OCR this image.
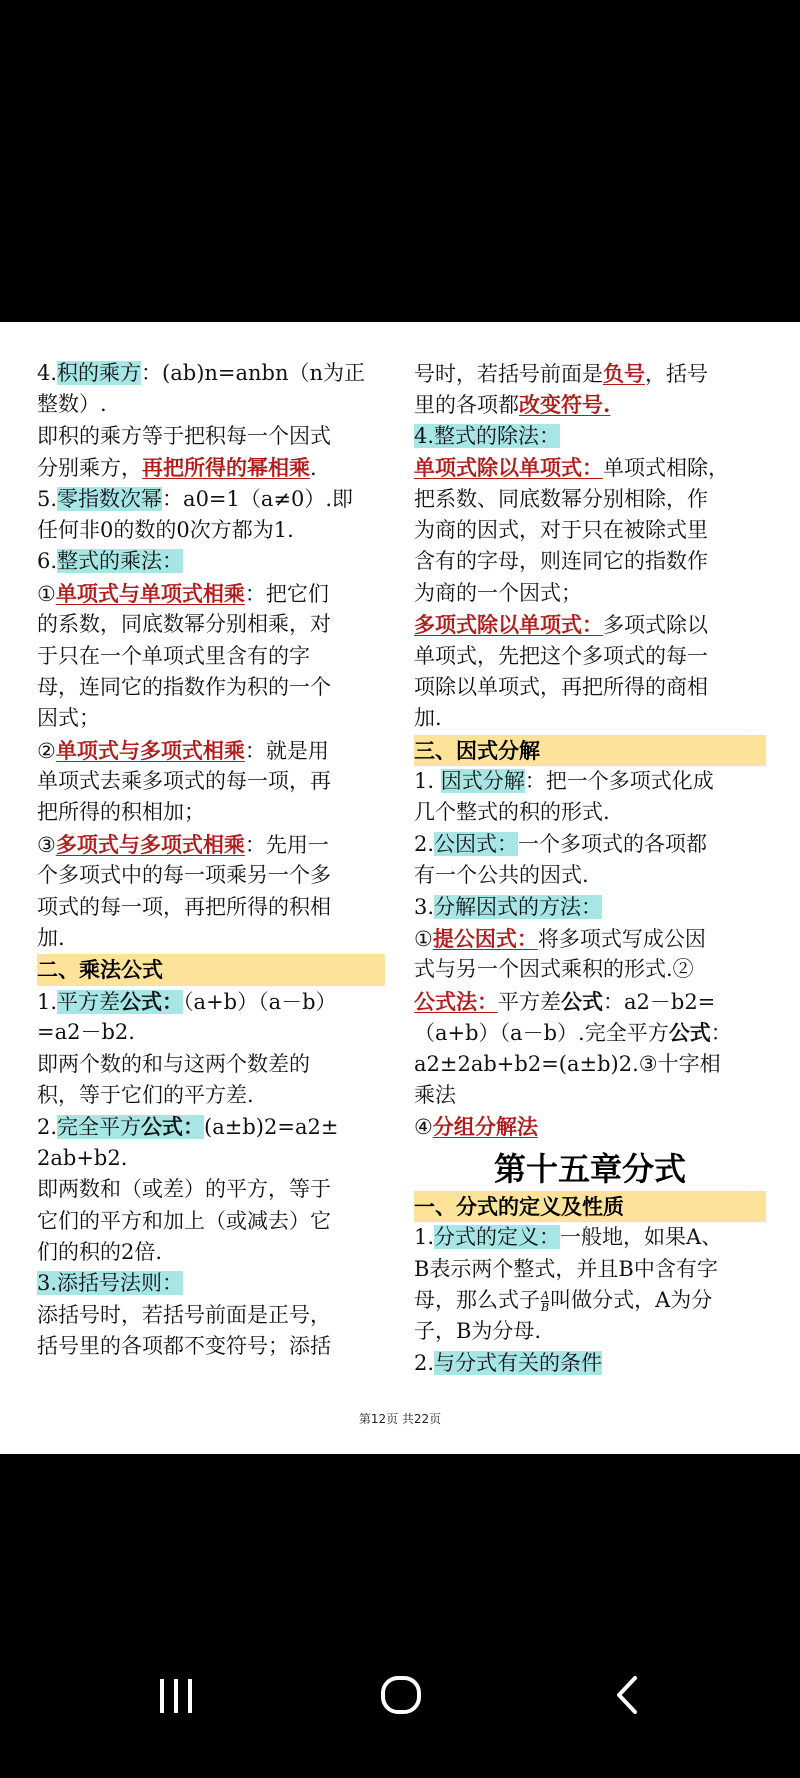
4.积的乘方：(ab)n=anbn（n为正
整数）.
即积的乘方等于把积每一个因式
分别乘方，再把所得的幂相乘.
5.零指数次幂：a0=1（a≠0）.即
任何非0的数的0次方都为1.
6.整式的乘法：
①单项式与单项式相乘：把它们
的系数，同底数幂分别相乘，对
于只在一个单项式里含有的字
母，连同它的指数作为积的一个
因式；
②单项式与多项式相乘：就是用
单项式去乘多项式的每一项，再
把所得的积相加；
③多项式与多项式相乘：先用一
个多项式中的每一项乘另一个多
项式的每一项，再把所得的积相
加.
二、乘法公式
1.平方差公式：（a+b）（a－b）
=a2－b2.
即两个数的和与这两个数差的
积，等于它们的平方差.
2.完全平方公式：(a±b)2=a2±
2ab+b2.
即两数和（或差）的平方，等于
它们的平方和加上（或减去）它
们的积的2倍.
3.添括号法则：
添括号时，若括号前面是正号，
括号里的各项都不变符号；添括
号时，若括号前面是负号，括号
里的各项都改变符号.
4.整式的除法：
单项式除以单项式：单项式相除，
把系数、同底数幂分别相除，作
为商的因式，对于只在被除式里
含有的字母，则连同它的指数作
为商的一个因式；
多项式除以单项式：多项式除以
单项式，先把这个多项式的每一
项除以单项式，再把所得的商相
加.
三、因式分解
1. 因式分解：把一个多项式化成
几个整式的积的形式.
2.公因式：一个多项式的各项都
有一个公共的因式.
3.分解因式的方法：
①提公因式：将多项式写成公因
式与另一个因式乘积的形式.②
公式法：平方差公式：a2－b2=
（a+b）（a－b）.完全平方公式：
a2±2ab+b2=(a±b)2.③十字相
乘法
④分组分解法
第十五章分式
一、分式的定义及性质
1.分式的定义：一般地，如果A、
B表示两个整式，并且B中含有字
母，那么式子 $\frac{A}{B}$ 叫做分式，A为分
子，B为分母.
2.与分式有关的条件
第12页 共22页
